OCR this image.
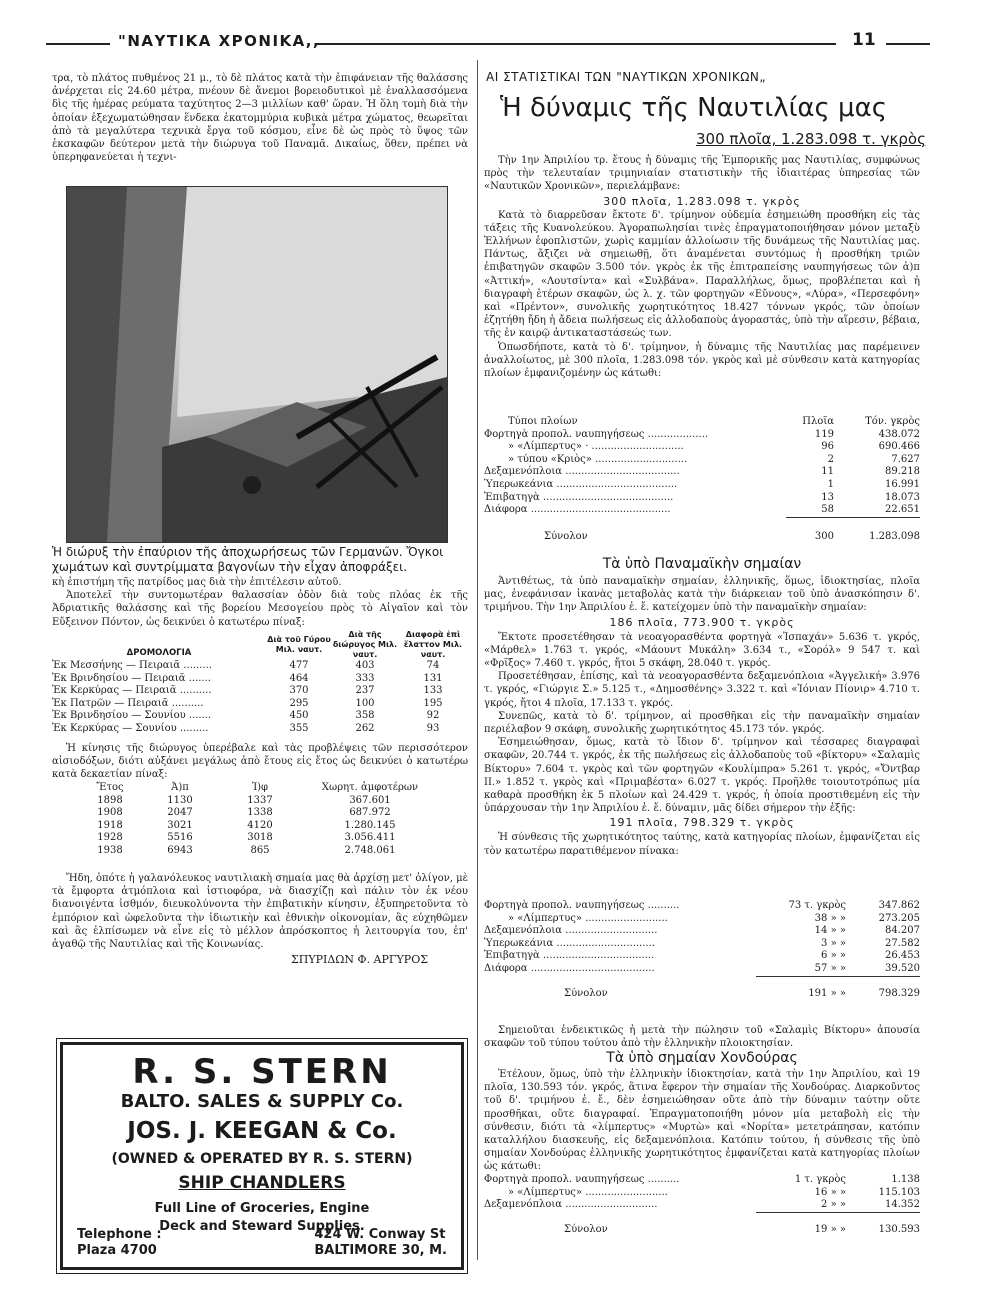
"ΝΑΥΤΙΚΑ ΧΡΟΝΙΚΑ,,	11

τρα, τὸ πλάτος πυθμένος 21 μ., τὸ δὲ πλάτος κατὰ τὴν ἐπιφάνειαν τῆς θαλάσσης ἀνέρχεται εἰς 24.60 μέτρα, πνέουν δὲ ἄνεμοι βορειοδυτικοὶ μὲ ἐναλλασσόμενα δὶς τῆς ἡμέρας ρεύματα ταχύτητος 2—3 μιλλίων καθ' ὥραν. Ἡ ὅλη τομὴ διὰ τὴν ὁποίαν ἐξεχωματώθησαν ἕνδεκα ἑκατομμύρια κυβικὰ μέτρα χώματος, θεωρεῖται ἀπὸ τὰ μεγαλύτερα τεχνικὰ ἔργα τοῦ κόσμου, εἶνε δὲ ὡς πρὸς τὸ ὕψος τῶν ἐκσκαφῶν δεύτερον μετὰ τὴν διώρυγα τοῦ Παναμᾶ. Δικαίως, ὅθεν, πρέπει νὰ ὑπερηφανεύεται ἡ τεχνι-

Ἡ διώρυξ τὴν ἐπαύριον τῆς ἀποχωρήσεως τῶν Γερμανῶν. Ὄγκοι χωμάτων καὶ συντρίμματα βαγονίων τὴν εἶχαν ἀποφράξει.

κὴ ἐπιστήμη τῆς πατρίδος μας διὰ τὴν ἐπιτέλεσιν αὐτοῦ.

Ἀποτελεῖ τὴν συντομωτέραν θαλασσίαν ὁδὸν διὰ τοὺς πλόας ἐκ τῆς Ἀδριατικῆς θαλάσσης καὶ τῆς βορείου Μεσογείου πρὸς τὸ Αἰγαῖον καὶ τὸν Εὔξεινον Πόντον, ὡς δεικνύει ὁ κατωτέρω πίναξ:

ΔΡΟΜΟΛΟΓΙΑ	Διὰ τοῦ Γύρου Μιλ. ναυτ.	Διὰ τῆς διώρυγος Μιλ. ναυτ.	Διαφορὰ ἐπὶ ἔλαττον Μιλ. ναυτ.
Ἐκ Μεσσήνης — Πειραιᾶ .........	477	403	74
Ἐκ Βρινδησίου — Πειραιᾶ .......	464	333	131
Ἐκ Κερκύρας — Πειραιᾶ ..........	370	237	133
Ἐκ Πατρῶν — Πειραιᾶ ..........	295	100	195
Ἐκ Βρινδησίου — Σουνίου .......	450	358	92
Ἐκ Κερκύρας — Σουνίου .........	355	262	93

Ἡ κίνησις τῆς διώρυγος ὑπερέβαλε καὶ τὰς προβλέψεις τῶν περισσότερον αἰσιοδόξων, διότι αὐξάνει μεγάλως ἀπὸ ἔτους εἰς ἔτος ὡς δεικνύει ὁ κατωτέρω κατὰ δεκαετίαν πίναξ:

Ἔτος	Ἀ)π	Ἰ)φ	Χωρητ. ἀμφοτέρων
1898	1130	1337	367.601
1908	2047	1338	687.972
1918	3021	4120	1.280.145
1928	5516	3018	3.056.411
1938	6943	865	2.748.061

Ἤδη, ὁπότε ἡ γαλανόλευκος ναυτιλιακὴ σημαία μας θὰ ἀρχίσῃ μετ' ὀλίγον, μὲ τὰ ἔμφορτα ἀτμόπλοια καὶ ἱστιοφόρα, νὰ διασχίζῃ καὶ πάλιν τὸν ἐκ νέου διανοιγέντα ἰσθμόν, διευκολύνοντα τὴν ἐπιβατικὴν κίνησιν, ἐξυπηρετοῦντα τὸ ἐμπόριον καὶ ὠφελοῦντα τὴν ἰδιωτικὴν καὶ ἐθνικὴν οἰκονομίαν, ἂς εὐχηθῶμεν καὶ ἂς ἐλπίσωμεν νὰ εἶνε εἰς τὸ μέλλον ἀπρόσκοπτος ἡ λειτουργία του, ἐπ' ἀγαθῷ τῆς Ναυτιλίας καὶ τῆς Κοινωνίας.

ΣΠΥΡΙΔΩΝ Φ. ΑΡΓΥΡΟΣ
R. S. STERN
BALTO. SALES & SUPPLY Co.
JOS. J. KEEGAN & Co.
(OWNED & OPERATED BY R. S. STERN)
SHIP CHANDLERS
Full Line of Groceries, Engine
Deck and Steward Supplies.
Telephone :
Plaza 4700
424 W. Conway St
BALTIMORE 30, M.
ΑΙ ΣΤΑΤΙΣΤΙΚΑΙ ΤΩΝ "ΝΑΥΤΙΚΩΝ ΧΡΟΝΙΚΩΝ„
Ἡ δύναμις τῆς Ναυτιλίας μας
300 πλοῖα, 1.283.098 τ. γκρὸς

Τὴν 1ην Ἀπριλίου τρ. ἔτους ἡ δύναμις τῆς Ἐμπορικῆς μας Ναυτιλίας, συμφώνως πρὸς τὴν τελευταίαν τριμηνιαίαν στατιστικὴν τῆς ἰδιαιτέρας ὑπηρεσίας τῶν «Ναυτικῶν Χρονικῶν», περιελάμβανε:

300 πλοῖα, 1.283.098 τ. γκρὸς

Κατὰ τὸ διαρρεῦσαν ἔκτοτε δ'. τρίμηνον οὐδεμία ἐσημειώθη προσθήκη εἰς τὰς τάξεις τῆς Κυανολεύκου. Ἀγοραπωλησίαι τινὲς ἐπραγματοποιήθησαν μόνον μεταξὺ Ἑλλήνων ἐφοπλιστῶν, χωρὶς καμμίαν ἀλλοίωσιν τῆς δυνάμεως τῆς Ναυτιλίας μας. Πάντως, ἄξιζει νὰ σημειωθῇ, ὅτι ἀναμένεται συντόμως ἡ προσθήκη τριῶν ἐπιβατηγῶν σκαφῶν 3.500 τόν. γκρὸς ἐκ τῆς ἐπιτραπείσης ναυπηγήσεως τῶν ἀ)π «Ἀττική», «Λουτσίντα» καὶ «Συλβάνα». Παραλλήλως, ὅμως, προβλέπεται καὶ ἡ διαγραφὴ ἑτέρων σκαφῶν, ὡς λ. χ. τῶν φορτηγῶν «Εὔνους», «Λύρα», «Περσεφόνη» καὶ «Πρέντον», συνολικῆς χωρητικότητος 18.427 τόννων γκρός, τῶν ὁποίων ἐζητήθη ἤδη ἡ ἄδεια πωλήσεως εἰς ἀλλοδαποὺς ἀγοραστάς, ὑπὸ τὴν αἵρεσιν, βέβαια, τῆς ἐν καιρῷ ἀντικαταστάσεώς των.

Ὁπωσδήποτε, κατὰ τὸ δ'. τρίμηνον, ἡ δύναμις τῆς Ναυτιλίας μας παρέμεινεν ἀναλλοίωτος, μὲ 300 πλοῖα, 1.283.098 τόν. γκρὸς καὶ μὲ σύνθεσιν κατὰ κατηγορίας πλοίων ἐμφανιζομένην ὡς κάτωθι:

Τύποι πλοίων	Πλοῖα	Τόν. γκρὸς
Φορτηγὰ προπολ. ναυπηγήσεως ...................	119	438.072
» «Λίμπερτυς» · .............................	96	690.466
» τύπου «Κριὸς» .............................	2	7.627
Δεξαμενόπλοια ....................................	11	89.218
Ὑπερωκεάνια ......................................	1	16.991
Ἐπιβατηγὰ .........................................	13	18.073
Διάφορα ............................................	58	22.651

Σύνολον	300	1.283.098
Τὰ ὑπὸ Παναμαϊκὴν σημαίαν

Ἀντιθέτως, τὰ ὑπὸ παναμαϊκὴν σημαίαν, ἑλληνικῆς, ὅμως, ἰδιοκτησίας, πλοῖα μας, ἐνεφάνισαν ἱκανὰς μεταβολὰς κατὰ τὴν διάρκειαν τοῦ ὑπὸ ἀνασκόπησιν δ'. τριμήνου. Τὴν 1ην Ἀπριλίου ἐ. ἔ. κατείχομεν ὑπὸ τὴν παναμαϊκὴν σημαίαν:

186 πλοῖα, 773.900 τ. γκρὸς

Ἔκτοτε προσετέθησαν τὰ νεοαγορασθέντα φορτηγὰ «Ἰσπαχάν» 5.636 τ. γκρός, «Μάρθελ» 1.763 τ. γκρός, «Μάουντ Μυκάλη» 3.634 τ., «Σορόλ» 9 547 τ. καὶ «Φρῖξος» 7.460 τ. γκρός, ἤτοι 5 σκάφη, 28.040 τ. γκρός.

Προσετέθησαν, ἐπίσης, καὶ τὰ νεοαγορασθέντα δεξαμενόπλοια «Ἀγγελική» 3.976 τ. γκρός, «Γιώργιε Σ.» 5.125 τ., «Δημοσθένης» 3.322 τ. καὶ «Ἰόνιαν Πίονιρ» 4.710 τ. γκρός, ἤτοι 4 πλοῖα, 17.133 τ. γκρός.

Συνεπῶς, κατὰ τὸ δ'. τρίμηνον, αἱ προσθῆκαι εἰς τὴν παναμαϊκὴν σημαίαν περιέλαβον 9 σκάφη, συνολικῆς χωρητικότητος 45.173 τόν. γκρός.

Ἐσημειώθησαν, ὅμως, κατὰ τὸ ἴδιον δ'. τρίμηνον καὶ τέσσαρες διαγραφαὶ σκαφῶν, 20.744 τ. γκρός, ἐκ τῆς πωλήσεως εἰς ἀλλοδαποὺς τοῦ «βίκτορυ» «Σαλαμὶς Βίκτορυ» 7.604 τ. γκρὸς καὶ τῶν φορτηγῶν «Κουλίμπρα» 5.261 τ. γκρός, «Ὄντβαρ ΙΙ.» 1.852 τ. γκρὸς καὶ «Πριμαβέστα» 6.027 τ. γκρός. Προῆλθε τοιουτοτρόπως μία καθαρὰ προσθήκη ἐκ 5 πλοίων καὶ 24.429 τ. γκρός, ἡ ὁποία προστιθεμένη εἰς τὴν ὑπάρχουσαν τὴν 1ην Ἀπριλίου ἐ. ἔ. δύναμιν, μᾶς δίδει σήμερον τὴν ἑξῆς:

191 πλοῖα, 798.329 τ. γκρὸς

Ἡ σύνθεσις τῆς χωρητικότητος ταύτης, κατὰ κατηγορίας πλοίων, ἐμφανίζεται εἰς τὸν κατωτέρω παρατιθέμενον πίνακα:

Φορτηγὰ προπολ. ναυπηγήσεως ..........	73 τ. γκρὸς	347.862
» «Λίμπερτυς» ..........................	38 » »	273.205
Δεξαμενόπλοια .............................	14 » »	84.207
Ὑπερωκεάνια ...............................	3 » »	27.582
Ἐπιβατηγὰ ...................................	6 » »	26.453
Διάφορα .......................................	57 » »	39.520

Σύνολον	191 » »	798.329

Σημειοῦται ἐνδεικτικῶς ἡ μετὰ τὴν πώλησιν τοῦ «Σαλαμὶς Βίκτορυ» ἀπουσία σκαφῶν τοῦ τύπου τούτου ἀπὸ τὴν ἑλληνικὴν πλοιοκτησίαν.

Τὰ ὑπὸ σημαίαν Χονδούρας

Ἐτέλουν, ὅμως, ὑπὸ τὴν ἑλληνικὴν ἰδιοκτησίαν, κατὰ τὴν 1ην Ἀπριλίου, καὶ 19 πλοῖα, 130.593 τόν. γκρός, ἅτινα ἔφερον τὴν σημαίαν τῆς Χονδούρας. Διαρκοῦντος τοῦ δ'. τριμήνου ἐ. ἔ., δὲν ἐσημειώθησαν οὔτε ἀπὸ τὴν δύναμιν ταύτην οὔτε προσθῆκαι, οὔτε διαγραφαί. Ἐπραγματοποιήθη μόνον μία μεταβολὴ εἰς τὴν σύνθεσιν, διότι τὰ «λίμπερτυς» «Μυρτὼ» καὶ «Νορίτα» μετετράπησαν, κατόπιν καταλλήλου διασκευῆς, εἰς δεξαμενόπλοια. Κατόπιν τούτου, ἡ σύνθεσις τῆς ὑπὸ σημαίαν Χονδούρας ἑλληνικῆς χωρητικότητος ἐμφανίζεται κατὰ κατηγορίας πλοίων ὡς κάτωθι:

Φορτηγὰ προπολ. ναυπηγήσεως ..........	1 τ. γκρὸς	1.138
» «Λίμπερτυς» ..........................	16 » »	115.103
Δεξαμενόπλοια .............................	2 » »	14.352

Σύνολον	19 » »	130.593
